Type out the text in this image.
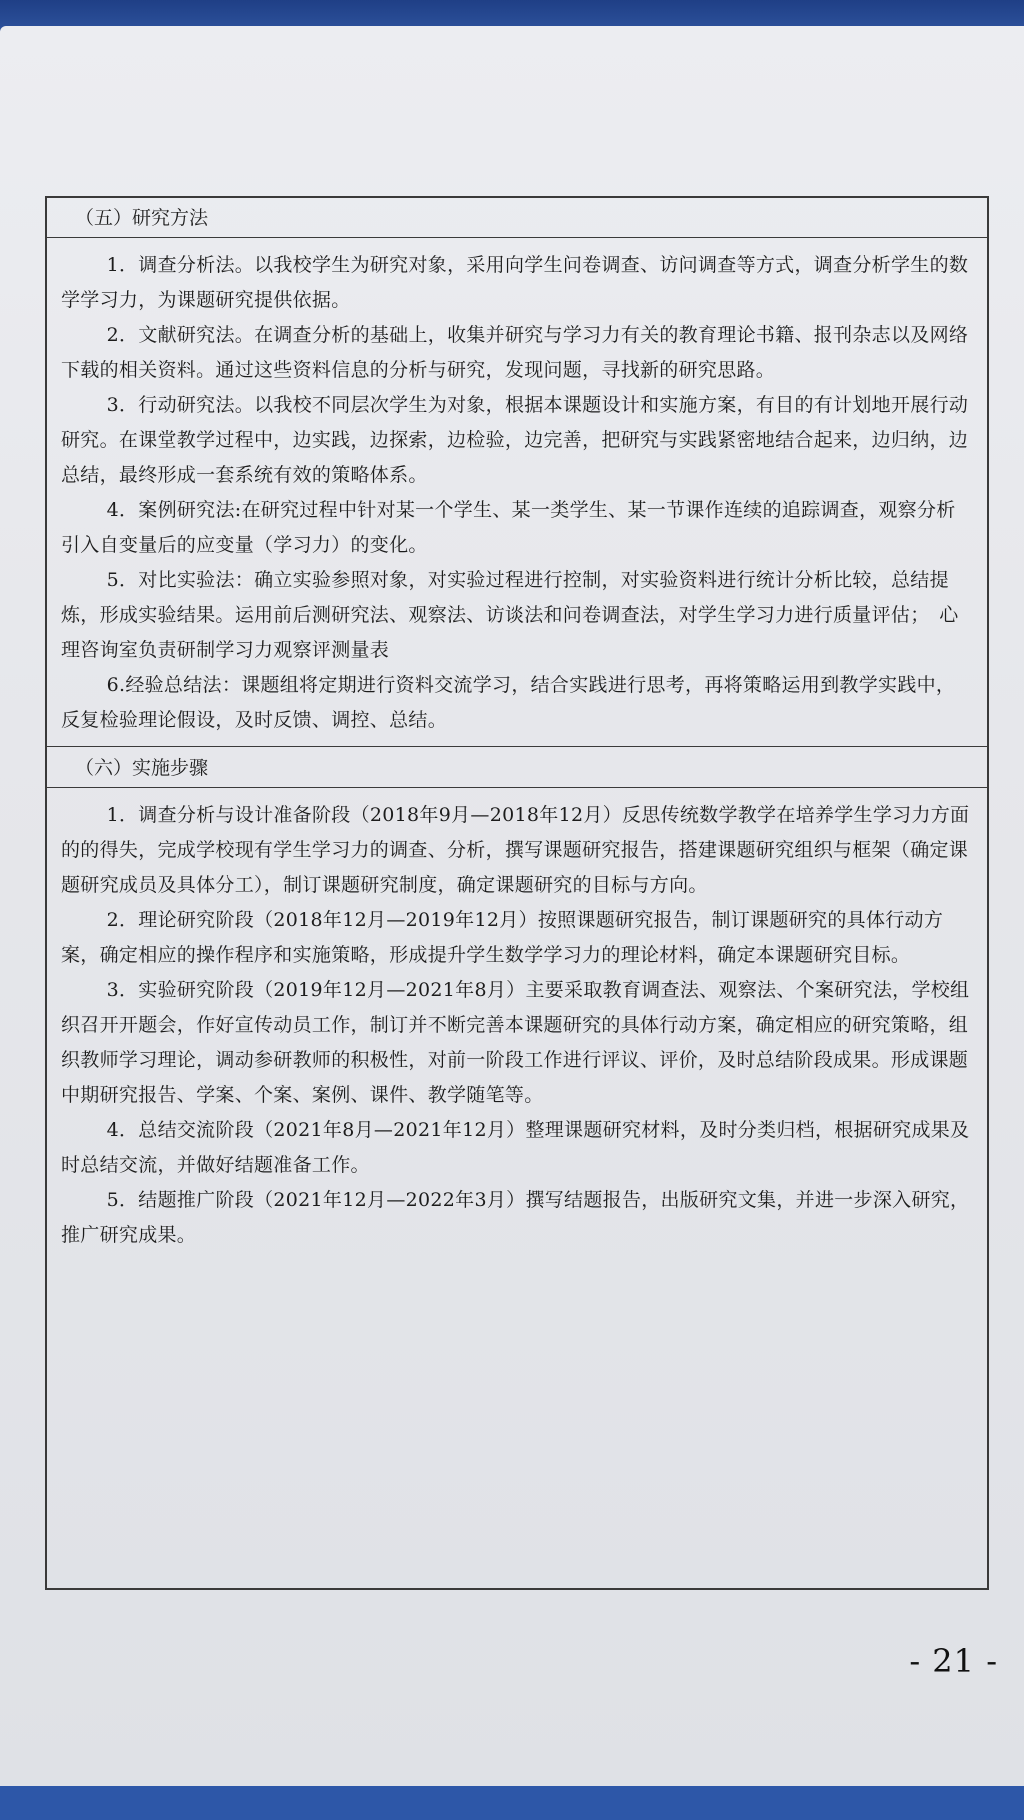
（五）研究方法

1．调查分析法。以我校学生为研究对象，采用向学生问卷调查、访问调查等方式，调查分析学生的数学学习力，为课题研究提供依据。

2．文献研究法。在调查分析的基础上，收集并研究与学习力有关的教育理论书籍、报刊杂志以及网络下载的相关资料。通过这些资料信息的分析与研究，发现问题，寻找新的研究思路。

3．行动研究法。以我校不同层次学生为对象，根据本课题设计和实施方案，有目的有计划地开展行动研究。在课堂教学过程中，边实践，边探索，边检验，边完善，把研究与实践紧密地结合起来，边归纳，边总结，最终形成一套系统有效的策略体系。

4．案例研究法:在研究过程中针对某一个学生、某一类学生、某一节课作连续的追踪调查，观察分析引入自变量后的应变量（学习力）的变化。

5．对比实验法：确立实验参照对象，对实验过程进行控制，对实验资料进行统计分析比较，总结提炼，形成实验结果。运用前后测研究法、观察法、访谈法和问卷调查法，对学生学习力进行质量评估；　心理咨询室负责研制学习力观察评测量表

6.经验总结法：课题组将定期进行资料交流学习，结合实践进行思考，再将策略运用到教学实践中，反复检验理论假设，及时反馈、调控、总结。

（六）实施步骤

1．调查分析与设计准备阶段（2018年9月—2018年12月）反思传统数学教学在培养学生学习力方面的的得失，完成学校现有学生学习力的调查、分析，撰写课题研究报告，搭建课题研究组织与框架（确定课题研究成员及具体分工），制订课题研究制度，确定课题研究的目标与方向。

2．理论研究阶段（2018年12月—2019年12月）按照课题研究报告，制订课题研究的具体行动方案，确定相应的操作程序和实施策略，形成提升学生数学学习力的理论材料，确定本课题研究目标。

3．实验研究阶段（2019年12月—2021年8月）主要采取教育调查法、观察法、个案研究法，学校组织召开开题会，作好宣传动员工作，制订并不断完善本课题研究的具体行动方案，确定相应的研究策略，组织教师学习理论，调动参研教师的积极性，对前一阶段工作进行评议、评价，及时总结阶段成果。形成课题中期研究报告、学案、个案、案例、课件、教学随笔等。

4．总结交流阶段（2021年8月—2021年12月）整理课题研究材料，及时分类归档，根据研究成果及时总结交流，并做好结题准备工作。

5．结题推广阶段（2021年12月—2022年3月）撰写结题报告，出版研究文集，并进一步深入研究，推广研究成果。

- 21 -
